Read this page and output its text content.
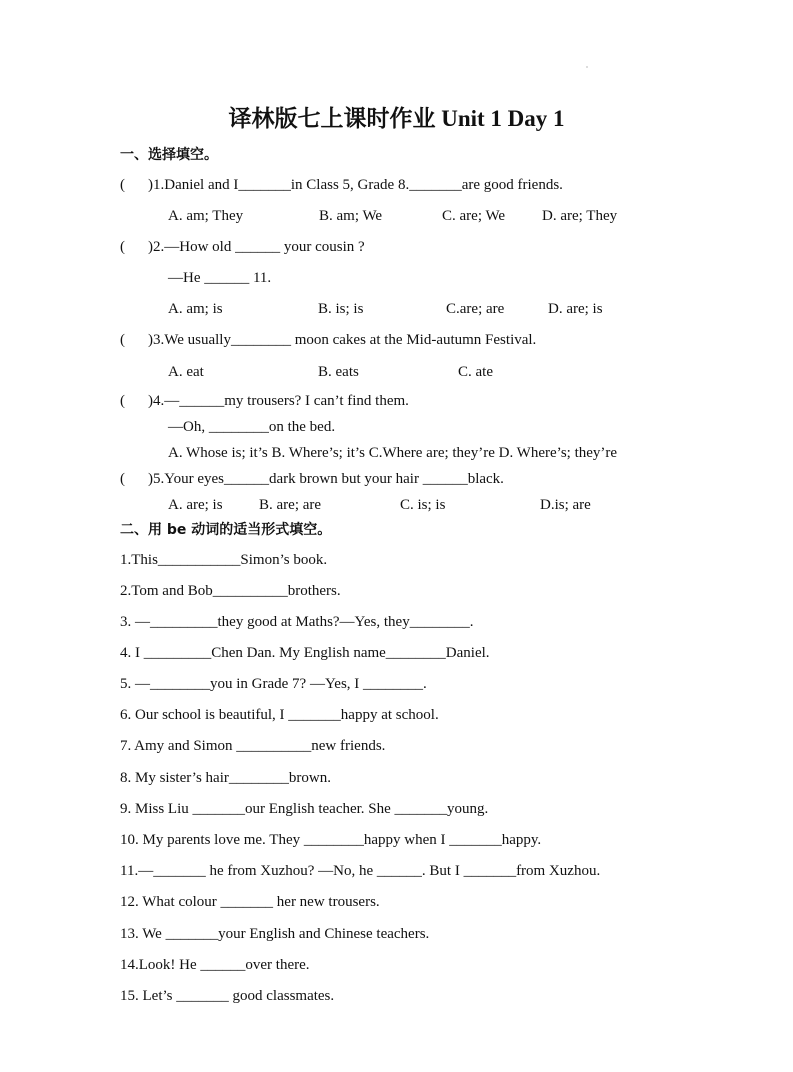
译林版七上课时作业 Unit 1 Day 1
一、选择填空。
( )1.Daniel and I_______in Class 5, Grade 8._______are good friends.
A. am; They	B. am; We	C. are; We D. are; They
( )2.—How old ______ your cousin ?
—He ______ 11.
A. am; is	B. is; is	C.are; are	D. are; is
( )3.We usually________ moon cakes at the Mid-autumn Festival.
A. eat	B. eats	C. ate
( )4.—______my trousers? I can’t find them.
—Oh, ________on the bed.
A. Whose is; it’s B. Where’s; it’s C.Where are; they’re D. Where’s; they’re
( )5.Your eyes______dark brown but your hair ______black.
A. are; is B. are; are	C. is; is	D.is; are
二、用 be 动词的适当形式填空。
1.This___________Simon’s book.
2.Tom and Bob__________brothers.
3. —_________they good at Maths?—Yes, they________.
4. I _________Chen Dan. My English name________Daniel.
5. —________you in Grade 7? —Yes, I ________.
6. Our school is beautiful, I _______happy at school.
7. Amy and Simon __________new friends.
8. My sister’s hair________brown.
9. Miss Liu _______our English teacher. She _______young.
10. My parents love me. They ________happy when I _______happy.
11.—_______ he from Xuzhou? —No, he ______. But I _______from Xuzhou.
12. What colour _______ her new trousers.
13. We _______your English and Chinese teachers.
14.Look! He ______over there.
15. Let’s _______ good classmates.
